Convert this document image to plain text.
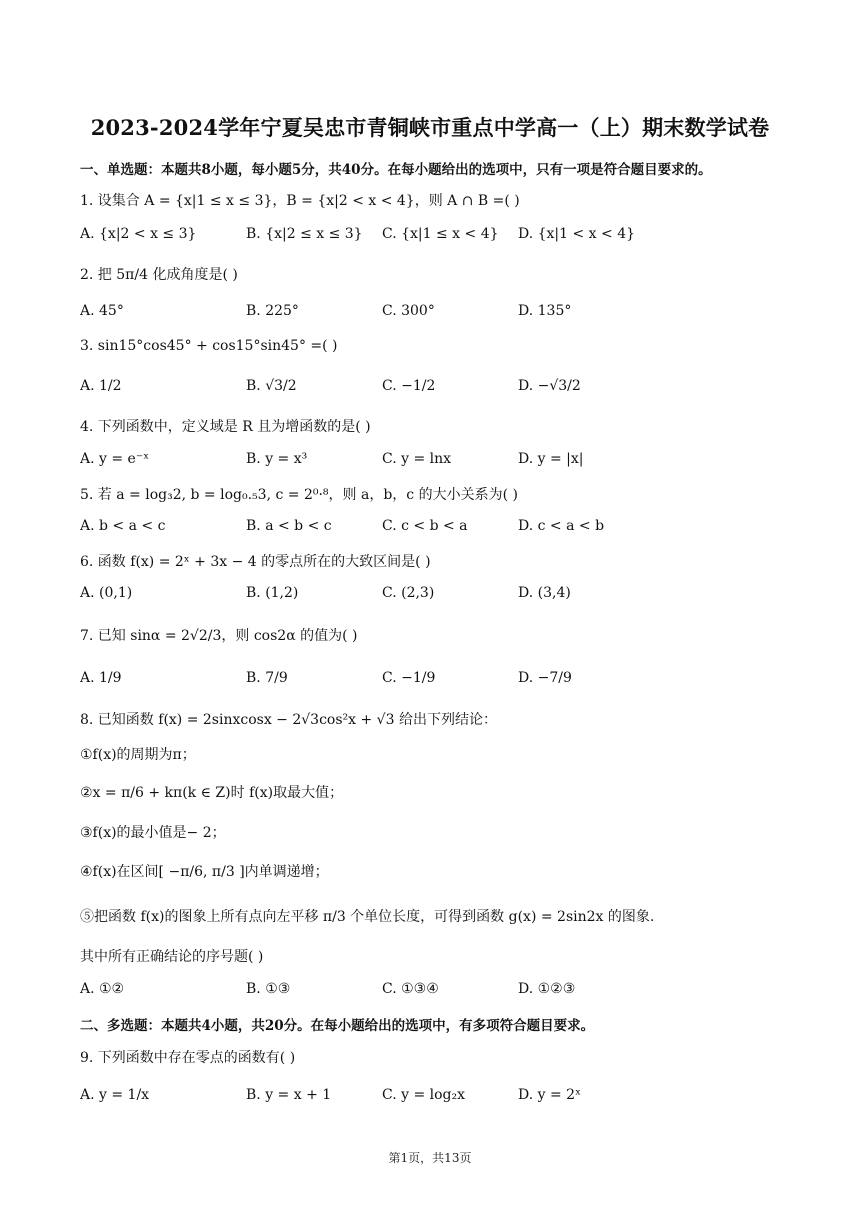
2023-2024学年宁夏吴忠市青铜峡市重点中学高一（上）期末数学试卷
一、单选题：本题共8小题，每小题5分，共40分。在每小题给出的选项中，只有一项是符合题目要求的。
1. 设集合 A = {x|1 ≤ x ≤ 3}，B = {x|2 < x < 4}，则 A ∩ B =( )
A. {x|2 < x ≤ 3}	B. {x|2 ≤ x ≤ 3} C. {x|1 ≤ x < 4} D. {x|1 < x < 4}
2. 把 5π/4 化成角度是( )
A. 45°	B. 225°	C. 300°	D. 135°
3. sin15°cos45° + cos15°sin45° =( )
A. 1/2	B. √3/2	C. −1/2	D. −√3/2
4. 下列函数中，定义域是 R 且为增函数的是( )
A. y = e⁻ˣ	B. y = x³	C. y = lnx	D. y = |x|
5. 若 a = log₃2, b = log₀.₅3, c = 2⁰·⁸，则 a，b，c 的大小关系为( )
A. b < a < c	B. a < b < c	C. c < b < a	D. c < a < b
6. 函数 f(x) = 2ˣ + 3x − 4 的零点所在的大致区间是( )
A. (0,1)	B. (1,2)	C. (2,3)	D. (3,4)
7. 已知 sinα = 2√2/3，则 cos2α 的值为( )
A. 1/9	B. 7/9	C. −1/9	D. −7/9
8. 已知函数 f(x) = 2sinxcosx − 2√3cos²x + √3 给出下列结论：
①f(x)的周期为π；
②x = π/6 + kπ(k ∈ Z)时 f(x)取最大值；
③f(x)的最小值是− 2；
④f(x)在区间[ −π/6, π/3 ]内单调递增；
⑤把函数 f(x)的图象上所有点向左平移 π/3 个单位长度，可得到函数 g(x) = 2sin2x 的图象.
其中所有正确结论的序号题( )
A. ①②	B. ①③	C. ①③④	D. ①②③
二、多选题：本题共4小题，共20分。在每小题给出的选项中，有多项符合题目要求。
9. 下列函数中存在零点的函数有( )
A. y = 1/x	B. y = x + 1	C. y = log₂x	D. y = 2ˣ
第1页，共13页
